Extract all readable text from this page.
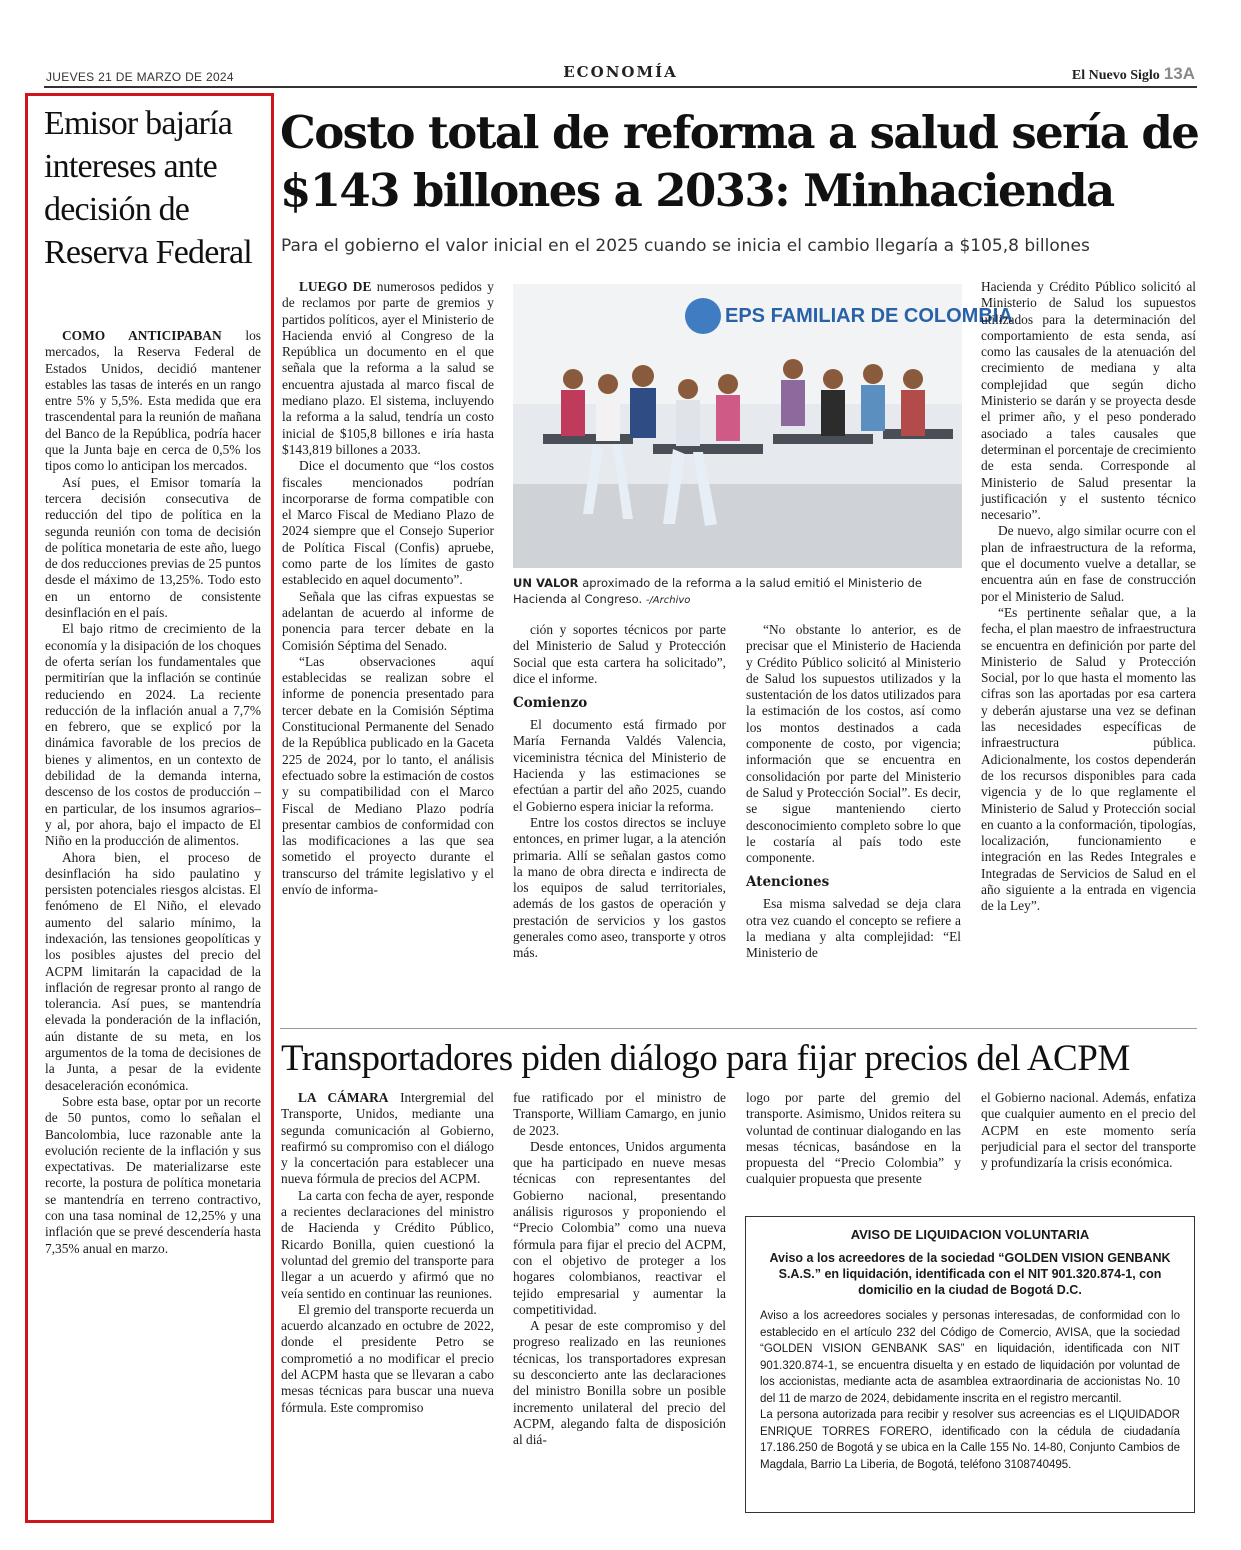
JUEVES 21 DE MARZO DE 2024	ECONOMÍA	El Nuevo Siglo 13A
Emisor bajaría intereses ante decisión de Reserva Federal

COMO ANTICIPABAN los mercados, la Reserva Federal de Estados Unidos, decidió mantener estables las tasas de interés en un rango entre 5% y 5,5%. Esta medida que era trascendental para la reunión de mañana del Banco de la República, podría hacer que la Junta baje en cerca de 0,5% los tipos como lo anticipan los mercados.

Así pues, el Emisor tomaría la tercera decisión consecutiva de reducción del tipo de política en la segunda reunión con toma de decisión de política monetaria de este año, luego de dos reducciones previas de 25 puntos desde el máximo de 13,25%. Todo esto en un entorno de consistente desinflación en el país.

El bajo ritmo de crecimiento de la economía y la disipación de los choques de oferta serían los fundamentales que permitirían que la inflación se continúe reduciendo en 2024. La reciente reducción de la inflación anual a 7,7% en febrero, que se explicó por la dinámica favorable de los precios de bienes y alimentos, en un contexto de debilidad de la demanda interna, descenso de los costos de producción –en particular, de los insumos agrarios– y al, por ahora, bajo el impacto de El Niño en la producción de alimentos.

Ahora bien, el proceso de desinflación ha sido paulatino y persisten potenciales riesgos alcistas. El fenómeno de El Niño, el elevado aumento del salario mínimo, la indexación, las tensiones geopolíticas y los posibles ajustes del precio del ACPM limitarán la capacidad de la inflación de regresar pronto al rango de tolerancia. Así pues, se mantendría elevada la ponderación de la inflación, aún distante de su meta, en los argumentos de la toma de decisiones de la Junta, a pesar de la evidente desaceleración económica.

Sobre esta base, optar por un recorte de 50 puntos, como lo señalan el Bancolombia, luce razonable ante la evolución reciente de la inflación y sus expectativas. De materializarse este recorte, la postura de política monetaria se mantendría en terreno contractivo, con una tasa nominal de 12,25% y una inflación que se prevé descendería hasta 7,35% anual en marzo.

Costo total de reforma a salud sería de $143 billones a 2033: Minhacienda
Para el gobierno el valor inicial en el 2025 cuando se inicia el cambio llegaría a $105,8 billones

LUEGO DE numerosos pedidos y de reclamos por parte de gremios y partidos políticos, ayer el Ministerio de Hacienda envió al Congreso de la República un documento en el que señala que la reforma a la salud se encuentra ajustada al marco fiscal de mediano plazo. El sistema, incluyendo la reforma a la salud, tendría un costo inicial de $105,8 billones e iría hasta $143,819 billones a 2033.

Dice el documento que “los costos fiscales mencionados podrían incorporarse de forma compatible con el Marco Fiscal de Mediano Plazo de 2024 siempre que el Consejo Superior de Política Fiscal (Confis) apruebe, como parte de los límites de gasto establecido en aquel documento”.

Señala que las cifras expuestas se adelantan de acuerdo al informe de ponencia para tercer debate en la Comisión Séptima del Senado.

“Las observaciones aquí establecidas se realizan sobre el informe de ponencia presentado para tercer debate en la Comisión Séptima Constitucional Permanente del Senado de la República publicado en la Gaceta 225 de 2024, por lo tanto, el análisis efectuado sobre la estimación de costos y su compatibilidad con el Marco Fiscal de Mediano Plazo podría presentar cambios de conformidad con las modificaciones a las que sea sometido el proyecto durante el transcurso del trámite legislativo y el envío de informa-

EPS FAMILIAR DE COLOMBIA
UN VALOR aproximado de la reforma a la salud emitió el Ministerio de Hacienda al Congreso. -/Archivo

ción y soportes técnicos por parte del Ministerio de Salud y Protección Social que esta cartera ha solicitado”, dice el informe.

Comienzo

El documento está firmado por María Fernanda Valdés Valencia, viceministra técnica del Ministerio de Hacienda y las estimaciones se efectúan a partir del año 2025, cuando el Gobierno espera iniciar la reforma.

Entre los costos directos se incluye entonces, en primer lugar, a la atención primaria. Allí se señalan gastos como la mano de obra directa e indirecta de los equipos de salud territoriales, además de los gastos de operación y prestación de servicios y los gastos generales como aseo, transporte y otros más.

“No obstante lo anterior, es de precisar que el Ministerio de Hacienda y Crédito Público solicitó al Ministerio de Salud los supuestos utilizados y la sustentación de los datos utilizados para la estimación de los costos, así como los montos destinados a cada componente de costo, por vigencia; información que se encuentra en consolidación por parte del Ministerio de Salud y Protección Social”. Es decir, se sigue manteniendo cierto desconocimiento completo sobre lo que le costaría al país todo este componente.

Atenciones

Esa misma salvedad se deja clara otra vez cuando el concepto se refiere a la mediana y alta complejidad: “El Ministerio de

Hacienda y Crédito Público solicitó al Ministerio de Salud los supuestos utilizados para la determinación del comportamiento de esta senda, así como las causales de la atenuación del crecimiento de mediana y alta complejidad que según dicho Ministerio se darán y se proyecta desde el primer año, y el peso ponderado asociado a tales causales que determinan el porcentaje de crecimiento de esta senda. Corresponde al Ministerio de Salud presentar la justificación y el sustento técnico necesario”.

De nuevo, algo similar ocurre con el plan de infraestructura de la reforma, que el documento vuelve a detallar, se encuentra aún en fase de construcción por el Ministerio de Salud.

“Es pertinente señalar que, a la fecha, el plan maestro de infraestructura se encuentra en definición por parte del Ministerio de Salud y Protección Social, por lo que hasta el momento las cifras son las aportadas por esa cartera y deberán ajustarse una vez se definan las necesidades específicas de infraestructura pública. Adicionalmente, los costos dependerán de los recursos disponibles para cada vigencia y de lo que reglamente el Ministerio de Salud y Protección social en cuanto a la conformación, tipologías, localización, funcionamiento e integración en las Redes Integrales e Integradas de Servicios de Salud en el año siguiente a la entrada en vigencia de la Ley”.

Transportadores piden diálogo para fijar precios del ACPM

LA CÁMARA Intergremial del Transporte, Unidos, mediante una segunda comunicación al Gobierno, reafirmó su compromiso con el diálogo y la concertación para establecer una nueva fórmula de precios del ACPM.

La carta con fecha de ayer, responde a recientes declaraciones del ministro de Hacienda y Crédito Público, Ricardo Bonilla, quien cuestionó la voluntad del gremio del transporte para llegar a un acuerdo y afirmó que no veía sentido en continuar las reuniones.

El gremio del transporte recuerda un acuerdo alcanzado en octubre de 2022, donde el presidente Petro se comprometió a no modificar el precio del ACPM hasta que se llevaran a cabo mesas técnicas para buscar una nueva fórmula. Este compromiso

fue ratificado por el ministro de Transporte, William Camargo, en junio de 2023.

Desde entonces, Unidos argumenta que ha participado en nueve mesas técnicas con representantes del Gobierno nacional, presentando análisis rigurosos y proponiendo el “Precio Colombia” como una nueva fórmula para fijar el precio del ACPM, con el objetivo de proteger a los hogares colombianos, reactivar el tejido empresarial y aumentar la competitividad.

A pesar de este compromiso y del progreso realizado en las reuniones técnicas, los transportadores expresan su desconcierto ante las declaraciones del ministro Bonilla sobre un posible incremento unilateral del precio del ACPM, alegando falta de disposición al diá-

logo por parte del gremio del transporte. Asimismo, Unidos reitera su voluntad de continuar dialogando en las mesas técnicas, basándose en la propuesta del “Precio Colombia” y cualquier propuesta que presente

el Gobierno nacional. Además, enfatiza que cualquier aumento en el precio del ACPM en este momento sería perjudicial para el sector del transporte y profundizaría la crisis económica.

AVISO DE LIQUIDACION VOLUNTARIA
Aviso a los acreedores de la sociedad “GOLDEN VISION GENBANK S.A.S.” en liquidación, identificada con el NIT 901.320.874-1, con domicilio en la ciudad de Bogotá D.C.
Aviso a los acreedores sociales y personas interesadas, de conformidad con lo establecido en el artículo 232 del Código de Comercio, AVISA, que la sociedad “GOLDEN VISION GENBANK SAS” en liquidación, identificada con NIT 901.320.874-1, se encuentra disuelta y en estado de liquidación por voluntad de los accionistas, mediante acta de asamblea extraordinaria de accionistas No. 10 del 11 de marzo de 2024, debidamente inscrita en el registro mercantil.
La persona autorizada para recibir y resolver sus acreencias es el LIQUIDADOR ENRIQUE TORRES FORERO, identificado con la cédula de ciudadanía 17.186.250 de Bogotá y se ubica en la Calle 155 No. 14-80, Conjunto Cambios de Magdala, Barrio La Liberia, de Bogotá, teléfono 3108740495.
